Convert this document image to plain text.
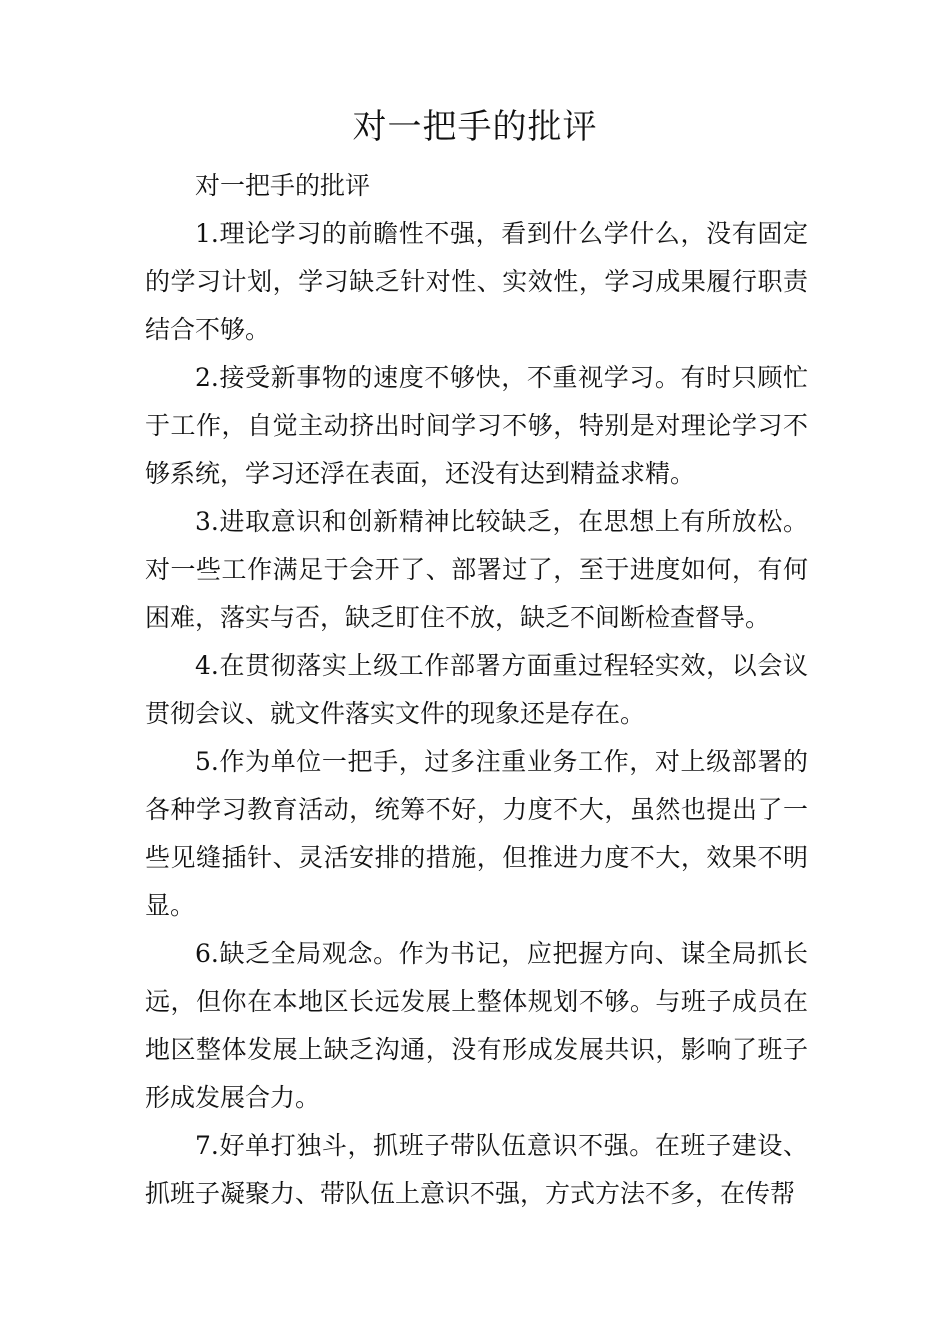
对一把手的批评

对一把手的批评

1.理论学习的前瞻性不强，看到什么学什么，没有固定的学习计划，学习缺乏针对性、实效性，学习成果履行职责结合不够。

2.接受新事物的速度不够快，不重视学习。有时只顾忙于工作，自觉主动挤出时间学习不够，特别是对理论学习不够系统，学习还浮在表面，还没有达到精益求精。

3.进取意识和创新精神比较缺乏，在思想上有所放松。对一些工作满足于会开了、部署过了，至于进度如何，有何困难，落实与否，缺乏盯住不放，缺乏不间断检查督导。

4.在贯彻落实上级工作部署方面重过程轻实效，以会议贯彻会议、就文件落实文件的现象还是存在。

5.作为单位一把手，过多注重业务工作，对上级部署的各种学习教育活动，统筹不好，力度不大，虽然也提出了一些见缝插针、灵活安排的措施，但推进力度不大，效果不明显。

6.缺乏全局观念。作为书记，应把握方向、谋全局抓长远，但你在本地区长远发展上整体规划不够。与班子成员在地区整体发展上缺乏沟通，没有形成发展共识，影响了班子形成发展合力。

7.好单打独斗，抓班子带队伍意识不强。在班子建设、抓班子凝聚力、带队伍上意识不强，方式方法不多，在传帮
